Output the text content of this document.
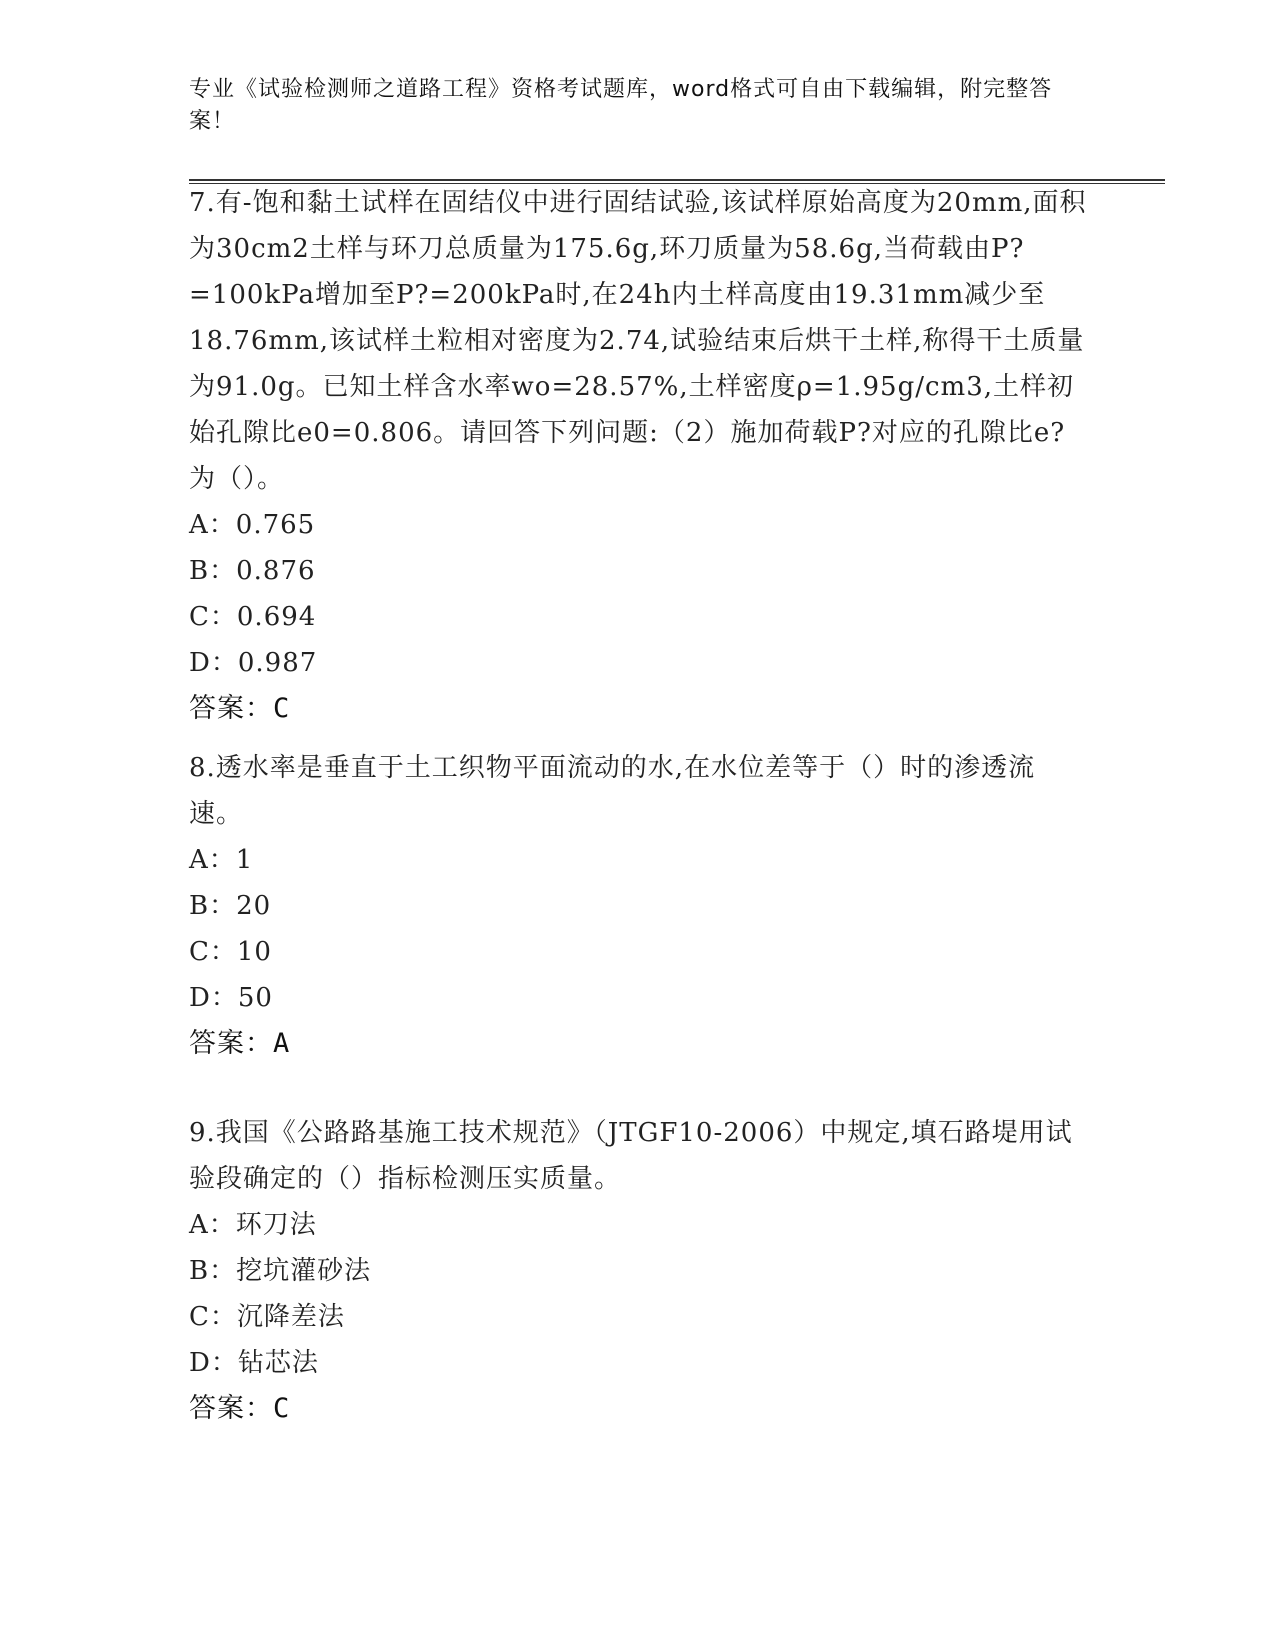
专业《试验检测师之道路工程》资格考试题库，word格式可自由下载编辑，附完整答案！

7.有-饱和黏土试样在固结仪中进行固结试验,该试样原始高度为20mm,面积为30cm2土样与环刀总质量为175.6g,环刀质量为58.6g,当荷载由P?=100kPa增加至P?=200kPa时,在24h内土样高度由19.31mm减少至18.76mm,该试样土粒相对密度为2.74,试验结束后烘干土样,称得干土质量为91.0g。已知土样含水率wo=28.57%,土样密度ρ=1.95g/cm3,土样初始孔隙比e0=0.806。请回答下列问题:（2）施加荷载P?对应的孔隙比e?为（）。

A：0.765

B：0.876

C：0.694

D：0.987

答案：C

8.透水率是垂直于土工织物平面流动的水,在水位差等于（）时的渗透流速。

A：1

B：20

C：10

D：50

答案：A

9.我国《公路路基施工技术规范》（JTGF10-2006）中规定,填石路堤用试验段确定的（）指标检测压实质量。

A：环刀法

B：挖坑灌砂法

C：沉降差法

D：钻芯法

答案：C
